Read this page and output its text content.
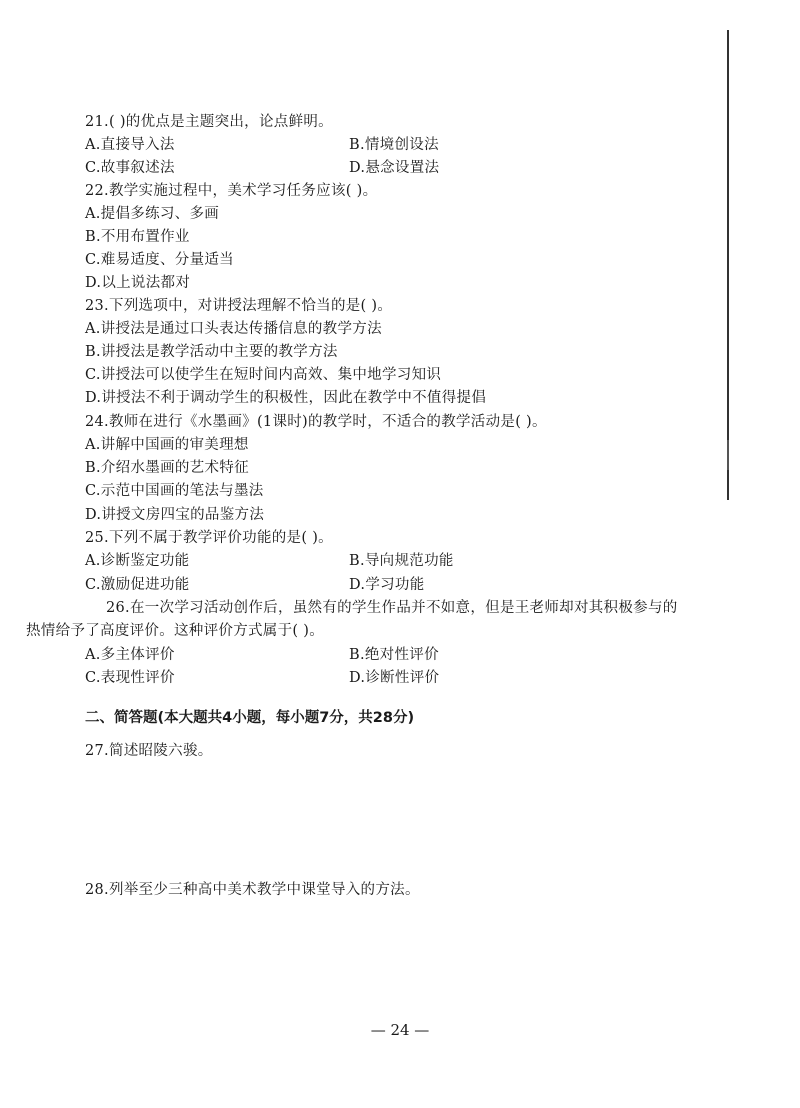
21.( )的优点是主题突出，论点鲜明。
A.直接导入法	B.情境创设法
C.故事叙述法	D.悬念设置法
22.教学实施过程中，美术学习任务应该( )。
A.提倡多练习、多画
B.不用布置作业
C.难易适度、分量适当
D.以上说法都对
23.下列选项中，对讲授法理解不恰当的是( )。
A.讲授法是通过口头表达传播信息的教学方法
B.讲授法是教学活动中主要的教学方法
C.讲授法可以使学生在短时间内高效、集中地学习知识
D.讲授法不利于调动学生的积极性，因此在教学中不值得提倡
24.教师在进行《水墨画》(1课时)的教学时，不适合的教学活动是( )。
A.讲解中国画的审美理想
B.介绍水墨画的艺术特征
C.示范中国画的笔法与墨法
D.讲授文房四宝的品鉴方法
25.下列不属于教学评价功能的是( )。
A.诊断鉴定功能	B.导向规范功能
C.激励促进功能	D.学习功能
26.在一次学习活动创作后，虽然有的学生作品并不如意，但是王老师却对其积极参与的
热情给予了高度评价。这种评价方式属于( )。
A.多主体评价	B.绝对性评价
C.表现性评价	D.诊断性评价
二、简答题(本大题共4小题，每小题7分，共28分)
27.简述昭陵六骏。
28.列举至少三种高中美术教学中课堂导入的方法。
— 24 —
